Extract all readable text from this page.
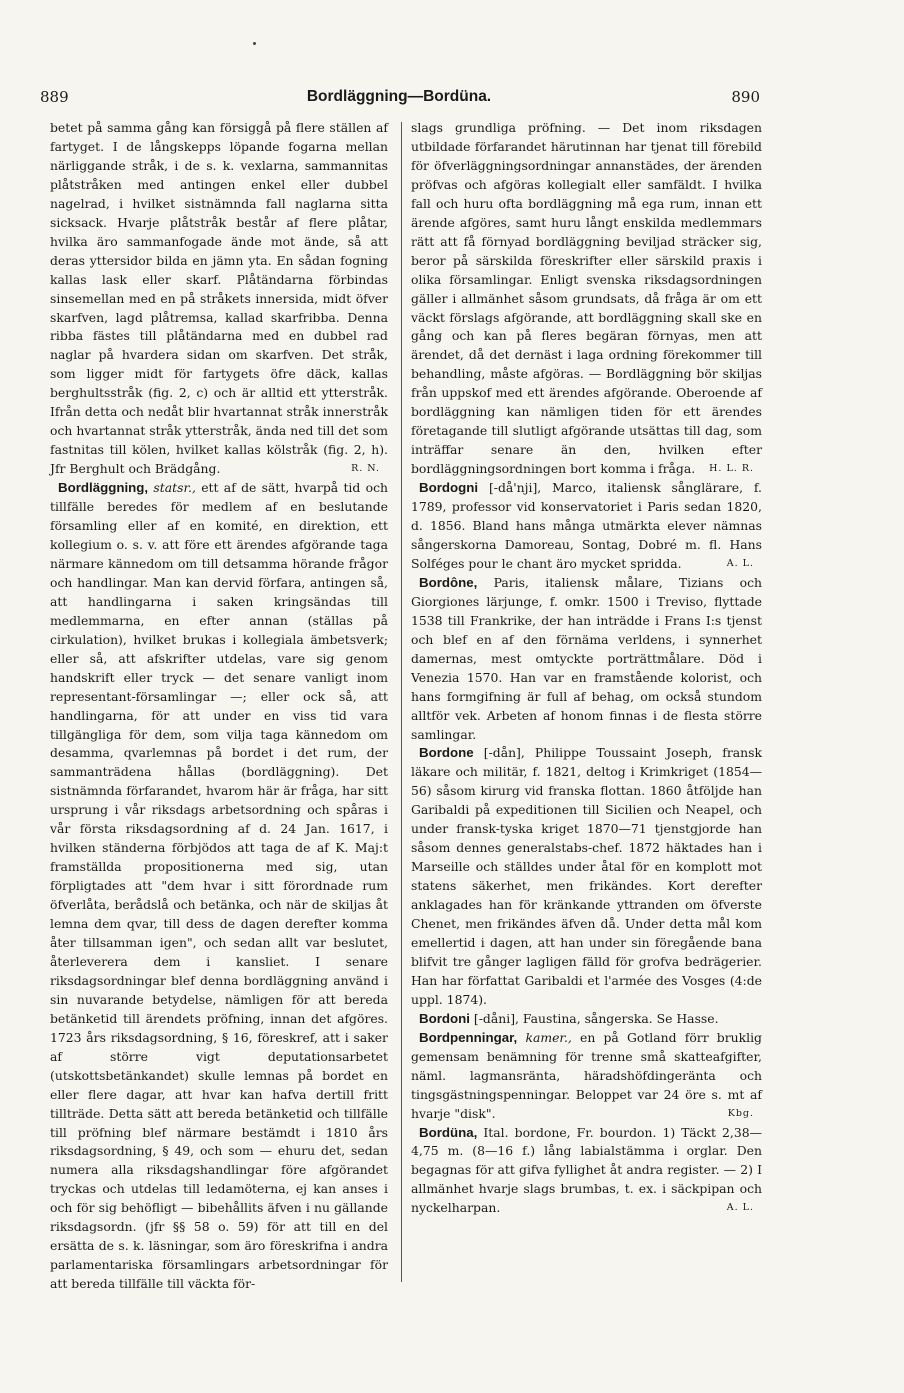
889	Bordläggning—Bordüna.	890

betet på samma gång kan försiggå på flere ställen af fartyget. I de långskepps löpande fogarna mellan närliggande stråk, i de s. k. vexlarna, sammannitas plåtstråken med antingen enkel eller dubbel nagelrad, i hvilket sistnämnda fall naglarna sitta sicksack. Hvarje plåtstråk består af flere plåtar, hvilka äro sammanfogade ände mot ände, så att deras yttersidor bilda en jämn yta. En sådan fogning kallas lask eller skarf. Plåtändarna förbindas sinsemellan med en på stråkets innersida, midt öfver skarfven, lagd plåtremsa, kallad skarfribba. Denna ribba fästes till plåtändarna med en dubbel rad naglar på hvardera sidan om skarfven. Det stråk, som ligger midt för fartygets öfre däck, kallas berghultsstråk (fig. 2, c) och är alltid ett ytterstråk. Ifrån detta och nedåt blir hvartannat stråk innerstråk och hvartannat stråk ytterstråk, ända ned till det som fastnitas till kölen, hvilket kallas kölstråk (fig. 2, h). Jfr Berghult och Brädgång.	R. N.

Bordläggning, statsr., ett af de sätt, hvarpå tid och tillfälle beredes för medlem af en beslutande församling eller af en komité, en direktion, ett kollegium o. s. v. att före ett ärendes afgörande taga närmare kännedom om till detsamma hörande frågor och handlingar. Man kan dervid förfara, antingen så, att handlingarna i saken kringsändas till medlemmarna, en efter annan (ställas på cirkulation), hvilket brukas i kollegiala ämbetsverk; eller så, att afskrifter utdelas, vare sig genom handskrift eller tryck — det senare vanligt inom representant-församlingar —; eller ock så, att handlingarna, för att under en viss tid vara tillgängliga för dem, som vilja taga kännedom om desamma, qvarlemnas på bordet i det rum, der sammanträdena hållas (bordläggning). Det sistnämnda förfarandet, hvarom här är fråga, har sitt ursprung i vår riksdags arbetsordning och spåras i vår första riksdagsordning af d. 24 Jan. 1617, i hvilken ständerna förbjödos att taga de af K. Maj:t framställda propositionerna med sig, utan förpligtades att "dem hvar i sitt förordnade rum öfverlåta, berådslå och betänka, och när de skiljas åt lemna dem qvar, till dess de dagen derefter komma åter tillsamman igen", och sedan allt var beslutet, återleverera dem i kansliet. I senare riksdagsordningar blef denna bordläggning använd i sin nuvarande betydelse, nämligen för att bereda betänketid till ärendets pröfning, innan det afgöres. 1723 års riksdagsordning, § 16, föreskref, att i saker af större vigt deputationsarbetet (utskottsbetänkandet) skulle lemnas på bordet en eller flere dagar, att hvar kan hafva dertill fritt tillträde. Detta sätt att bereda betänketid och tillfälle till pröfning blef närmare bestämdt i 1810 års riksdagsordning, § 49, och som — ehuru det, sedan numera alla riksdagshandlingar före afgörandet tryckas och utdelas till ledamöterna, ej kan anses i och för sig behöfligt — bibehållits äfven i nu gällande riksdagsordn. (jfr §§ 58 o. 59) för att till en del ersätta de s. k. läsningar, som äro föreskrifna i andra parlamentariska församlingars arbetsordningar för att bereda tillfälle till väckta för-

slags grundliga pröfning. — Det inom riksdagen utbildade förfarandet härutinnan har tjenat till förebild för öfverläggningsordningar annanstädes, der ärenden pröfvas och afgöras kollegialt eller samfäldt. I hvilka fall och huru ofta bordläggning må ega rum, innan ett ärende afgöres, samt huru långt enskilda medlemmars rätt att få förnyad bordläggning beviljad sträcker sig, beror på särskilda föreskrifter eller särskild praxis i olika församlingar. Enligt svenska riksdagsordningen gäller i allmänhet såsom grundsats, då fråga är om ett väckt förslags afgörande, att bordläggning skall ske en gång och kan på fleres begäran förnyas, men att ärendet, då det dernäst i laga ordning förekommer till behandling, måste afgöras. — Bordläggning bör skiljas från uppskof med ett ärendes afgörande. Oberoende af bordläggning kan nämligen tiden för ett ärendes företagande till slutligt afgörande utsättas till dag, som inträffar senare än den, hvilken efter bordläggningsordningen bort komma i fråga. H. L. R.

Bordogni [-då'nji], Marco, italiensk sånglärare, f. 1789, professor vid konservatoriet i Paris sedan 1820, d. 1856. Bland hans många utmärkta elever nämnas sångerskorna Damoreau, Sontag, Dobré m. fl. Hans Solféges pour le chant äro mycket spridda.	A. L.

Bordône, Paris, italiensk målare, Tizians och Giorgiones lärjunge, f. omkr. 1500 i Treviso, flyttade 1538 till Frankrike, der han inträdde i Frans I:s tjenst och blef en af den förnäma verldens, i synnerhet damernas, mest omtyckte porträttmålare. Död i Venezia 1570. Han var en framstående kolorist, och hans formgifning är full af behag, om också stundom alltför vek. Arbeten af honom finnas i de flesta större samlingar.

Bordone [-dån], Philippe Toussaint Joseph, fransk läkare och militär, f. 1821, deltog i Krimkriget (1854—56) såsom kirurg vid franska flottan. 1860 åtföljde han Garibaldi på expeditionen till Sicilien och Neapel, och under fransk-tyska kriget 1870—71 tjenstgjorde han såsom dennes generalstabs-chef. 1872 häktades han i Marseille och ställdes under åtal för en komplott mot statens säkerhet, men frikändes. Kort derefter anklagades han för kränkande yttranden om öfverste Chenet, men frikändes äfven då. Under detta mål kom emellertid i dagen, att han under sin föregående bana blifvit tre gånger lagligen fälld för grofva bedrägerier. Han har författat Garibaldi et l'armée des Vosges (4:de uppl. 1874).

Bordoni [-dåni], Faustina, sångerska. Se Hasse.

Bordpenningar, kamer., en på Gotland förr bruklig gemensam benämning för trenne små skatteafgifter, näml. lagmansränta, häradshöfdingeränta och tingsgästningspenningar. Beloppet var 24 öre s. mt af hvarje "disk".	Kbg.

Bordüna, Ital. bordone, Fr. bourdon. 1) Täckt 2,38—4,75 m. (8—16 f.) lång labialstämma i orglar. Den begagnas för att gifva fyllighet åt andra register. — 2) I allmänhet hvarje slags brumbas, t. ex. i säckpipan och nyckelharpan.	A. L.
